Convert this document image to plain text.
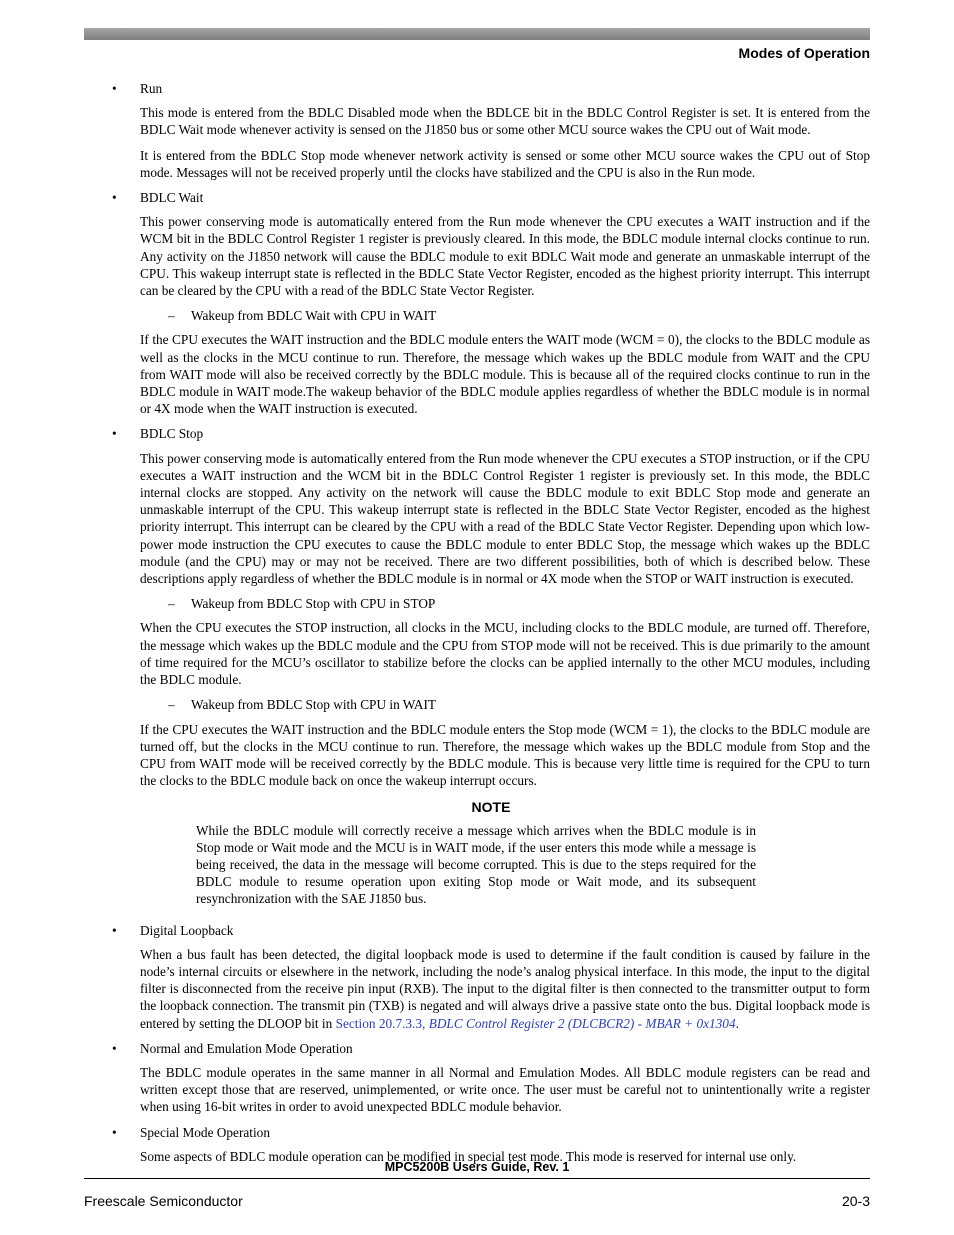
Modes of Operation
• Run

This mode is entered from the BDLC Disabled mode when the BDLCE bit in the BDLC Control Register is set. It is entered from the BDLC Wait mode whenever activity is sensed on the J1850 bus or some other MCU source wakes the CPU out of Wait mode.

It is entered from the BDLC Stop mode whenever network activity is sensed or some other MCU source wakes the CPU out of Stop mode. Messages will not be received properly until the clocks have stabilized and the CPU is also in the Run mode.

• BDLC Wait

This power conserving mode is automatically entered from the Run mode whenever the CPU executes a WAIT instruction and if the WCM bit in the BDLC Control Register 1 register is previously cleared. In this mode, the BDLC module internal clocks continue to run. Any activity on the J1850 network will cause the BDLC module to exit BDLC Wait mode and generate an unmaskable interrupt of the CPU. This wakeup interrupt state is reflected in the BDLC State Vector Register, encoded as the highest priority interrupt. This interrupt can be cleared by the CPU with a read of the BDLC State Vector Register.

– Wakeup from BDLC Wait with CPU in WAIT

If the CPU executes the WAIT instruction and the BDLC module enters the WAIT mode (WCM = 0), the clocks to the BDLC module as well as the clocks in the MCU continue to run. Therefore, the message which wakes up the BDLC module from WAIT and the CPU from WAIT mode will also be received correctly by the BDLC module. This is because all of the required clocks continue to run in the BDLC module in WAIT mode.The wakeup behavior of the BDLC module applies regardless of whether the BDLC module is in normal or 4X mode when the WAIT instruction is executed.

• BDLC Stop

This power conserving mode is automatically entered from the Run mode whenever the CPU executes a STOP instruction, or if the CPU executes a WAIT instruction and the WCM bit in the BDLC Control Register 1 register is previously set. In this mode, the BDLC internal clocks are stopped. Any activity on the network will cause the BDLC module to exit BDLC Stop mode and generate an unmaskable interrupt of the CPU. This wakeup interrupt state is reflected in the BDLC State Vector Register, encoded as the highest priority interrupt. This interrupt can be cleared by the CPU with a read of the BDLC State Vector Register. Depending upon which low-power mode instruction the CPU executes to cause the BDLC module to enter BDLC Stop, the message which wakes up the BDLC module (and the CPU) may or may not be received. There are two different possibilities, both of which is described below. These descriptions apply regardless of whether the BDLC module is in normal or 4X mode when the STOP or WAIT instruction is executed.

– Wakeup from BDLC Stop with CPU in STOP

When the CPU executes the STOP instruction, all clocks in the MCU, including clocks to the BDLC module, are turned off. Therefore, the message which wakes up the BDLC module and the CPU from STOP mode will not be received. This is due primarily to the amount of time required for the MCU’s oscillator to stabilize before the clocks can be applied internally to the other MCU modules, including the BDLC module.

– Wakeup from BDLC Stop with CPU in WAIT

If the CPU executes the WAIT instruction and the BDLC module enters the Stop mode (WCM = 1), the clocks to the BDLC module are turned off, but the clocks in the MCU continue to run. Therefore, the message which wakes up the BDLC module from Stop and the CPU from WAIT mode will be received correctly by the BDLC module. This is because very little time is required for the CPU to turn the clocks to the BDLC module back on once the wakeup interrupt occurs.

NOTE

While the BDLC module will correctly receive a message which arrives when the BDLC module is in Stop mode or Wait mode and the MCU is in WAIT mode, if the user enters this mode while a message is being received, the data in the message will become corrupted. This is due to the steps required for the BDLC module to resume operation upon exiting Stop mode or Wait mode, and its subsequent resynchronization with the SAE J1850 bus.

• Digital Loopback

When a bus fault has been detected, the digital loopback mode is used to determine if the fault condition is caused by failure in the node’s internal circuits or elsewhere in the network, including the node’s analog physical interface. In this mode, the input to the digital filter is disconnected from the receive pin input (RXB). The input to the digital filter is then connected to the transmitter output to form the loopback connection. The transmit pin (TXB) is negated and will always drive a passive state onto the bus. Digital loopback mode is entered by setting the DLOOP bit in Section 20.7.3.3, BDLC Control Register 2 (DLCBCR2) - MBAR + 0x1304.

• Normal and Emulation Mode Operation

The BDLC module operates in the same manner in all Normal and Emulation Modes. All BDLC module registers can be read and written except those that are reserved, unimplemented, or write once. The user must be careful not to unintentionally write a register when using 16-bit writes in order to avoid unexpected BDLC module behavior.

• Special Mode Operation

Some aspects of BDLC module operation can be modified in special test mode. This mode is reserved for internal use only.

MPC5200B Users Guide, Rev. 1
Freescale Semiconductor	20-3
